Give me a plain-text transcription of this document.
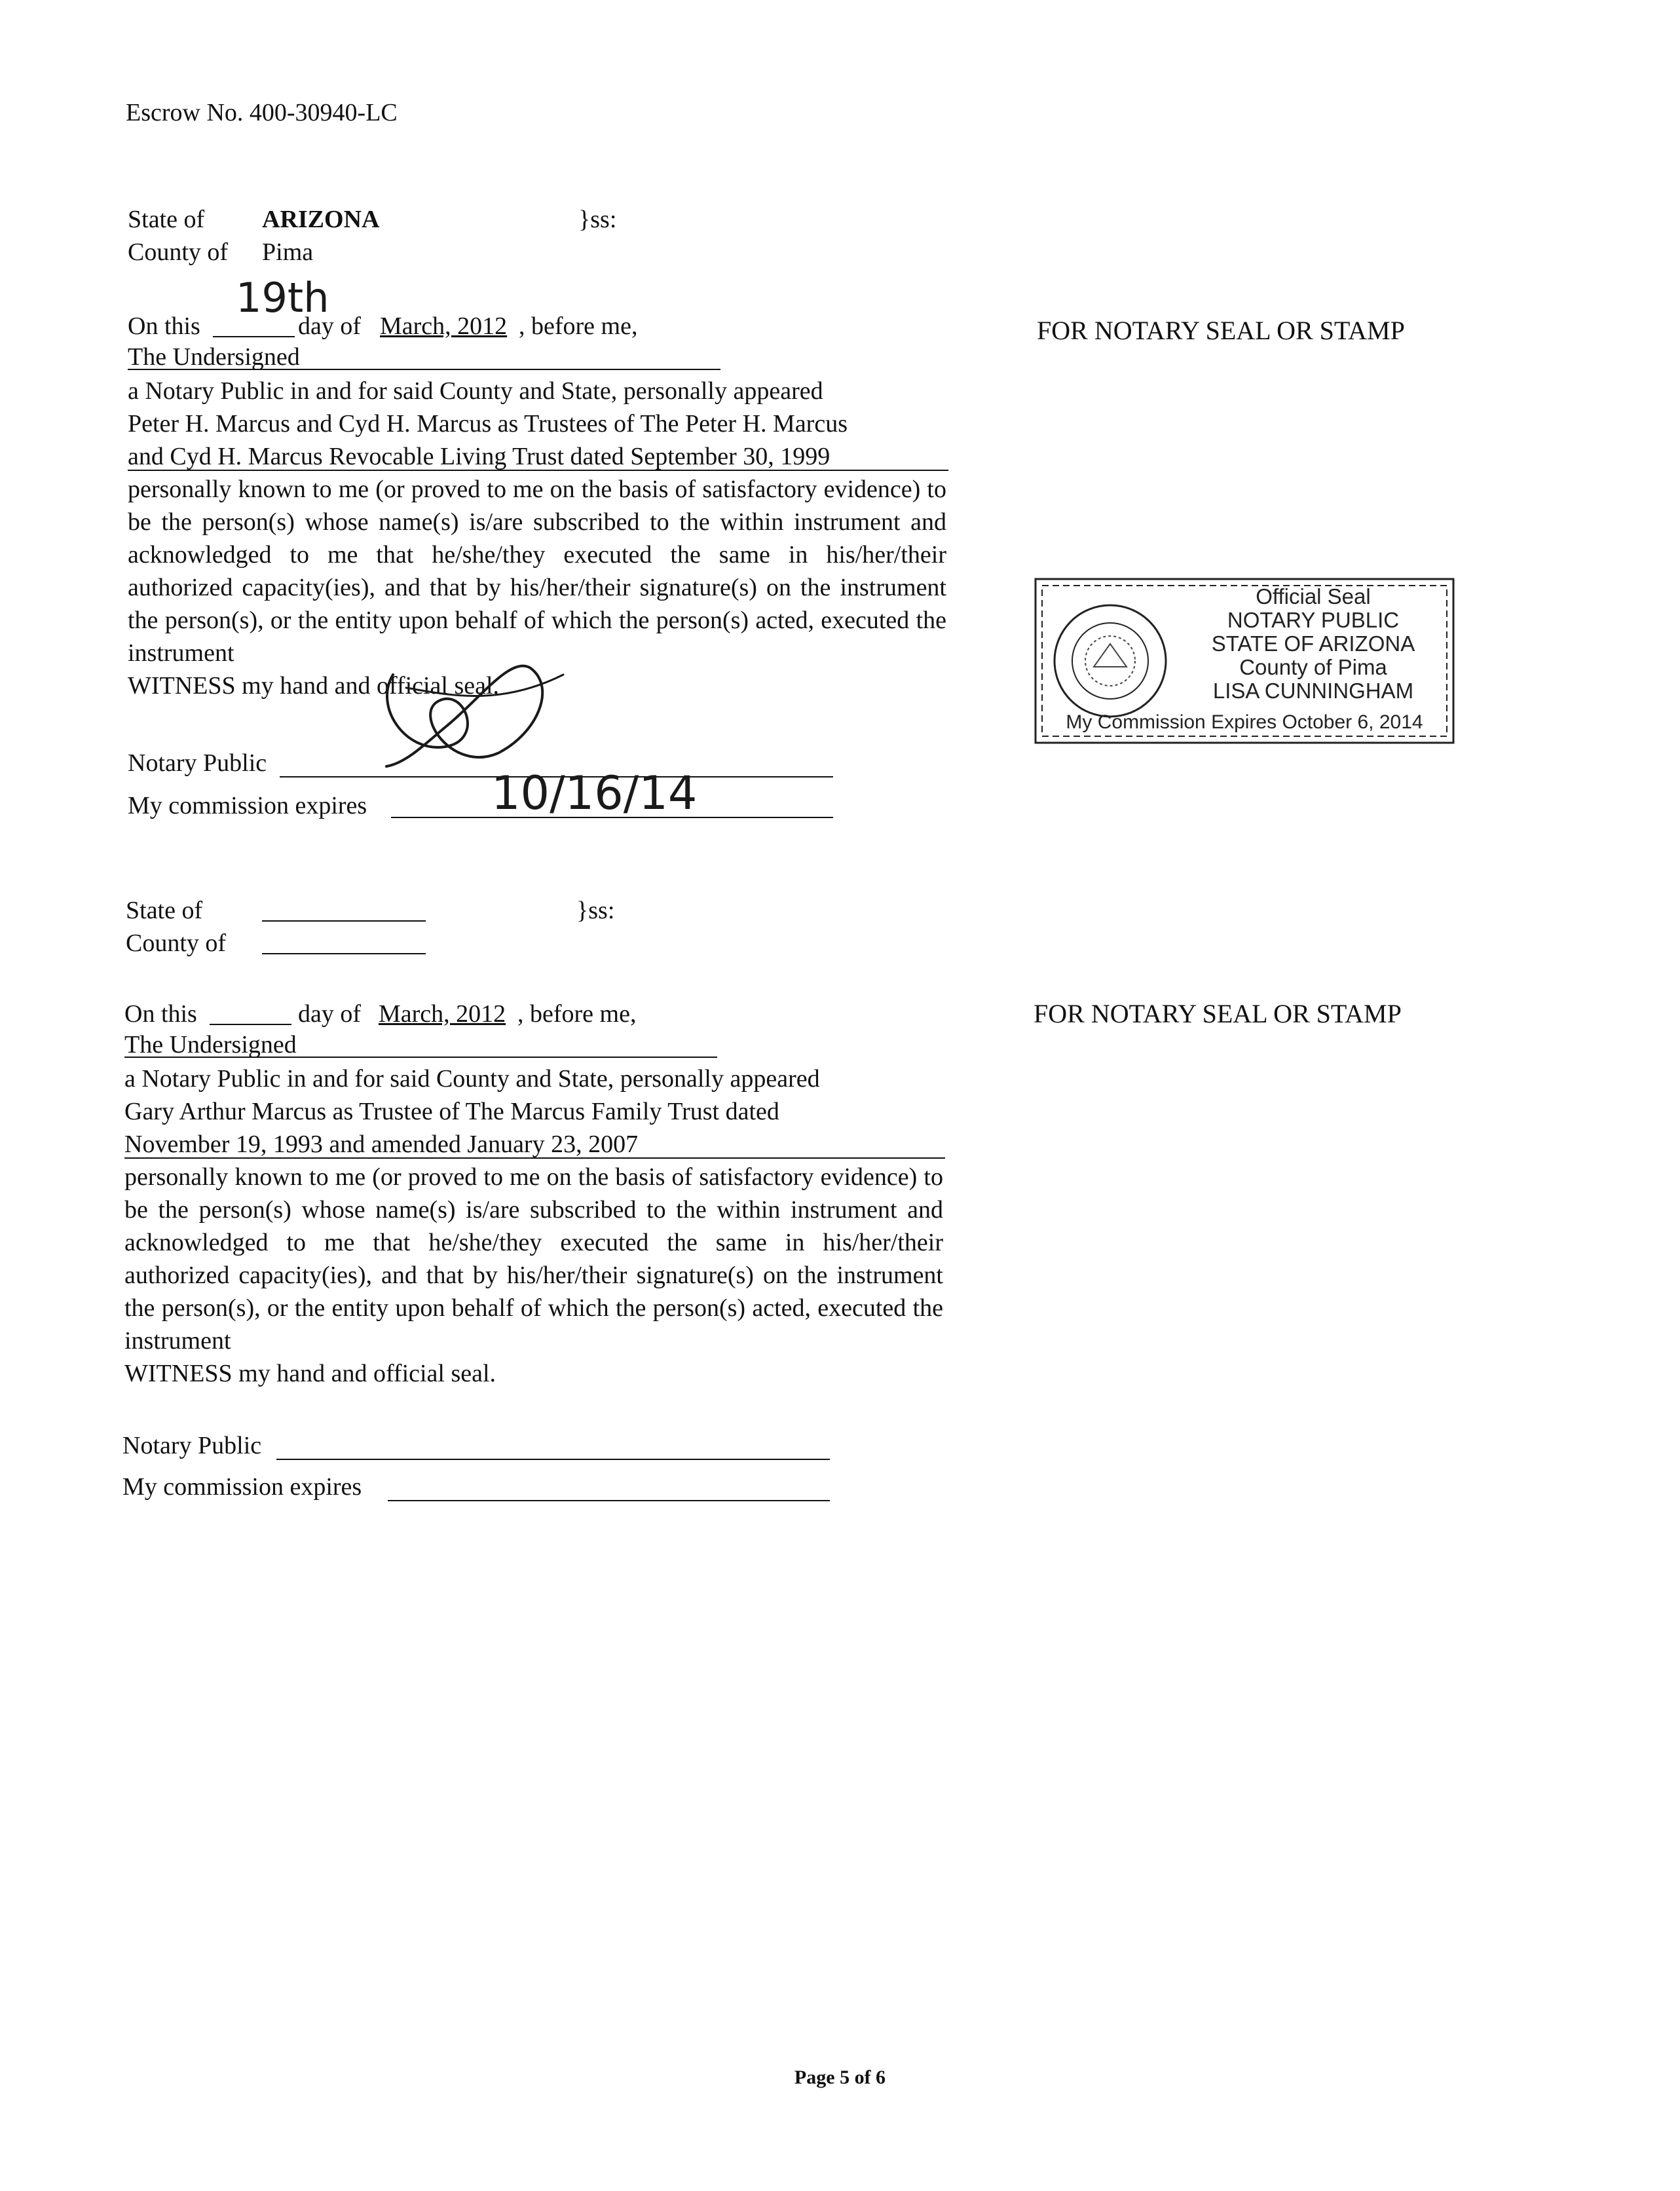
Escrow No. 400-30940-LC
State of ARIZONA	}ss:
County of Pima
On this
19th
day of March, 2012 , before me,
The Undersigned
a Notary Public in and for said County and State, personally appeared
Peter H. Marcus and Cyd H. Marcus as Trustees of The Peter H. Marcus
and Cyd H. Marcus Revocable Living Trust dated September 30, 1999
personally known to me (or proved to me on the basis of satisfactory evidence) to be the person(s) whose name(s) is/are subscribed to the within instrument and acknowledged to me that he/she/they executed the same in his/her/their authorized capacity(ies), and that by his/her/their signature(s) on the instrument the person(s), or the entity upon behalf of which the person(s) acted, executed the instrument
WITNESS my hand and official seal.
Notary Public
My commission expires	10/16/14
FOR NOTARY SEAL OR STAMP
Official Seal
NOTARY PUBLIC
STATE OF ARIZONA
County of Pima
LISA CUNNINGHAM
My Commission Expires October 6, 2014
State of	}ss:
County of
On this	day of March, 2012 , before me,
The Undersigned
a Notary Public in and for said County and State, personally appeared
Gary Arthur Marcus as Trustee of The Marcus Family Trust dated
November 19, 1993 and amended January 23, 2007
personally known to me (or proved to me on the basis of satisfactory evidence) to be the person(s) whose name(s) is/are subscribed to the within instrument and acknowledged to me that he/she/they executed the same in his/her/their authorized capacity(ies), and that by his/her/their signature(s) on the instrument the person(s), or the entity upon behalf of which the person(s) acted, executed the instrument
WITNESS my hand and official seal.
Notary Public
My commission expires
FOR NOTARY SEAL OR STAMP
Page 5 of 6
